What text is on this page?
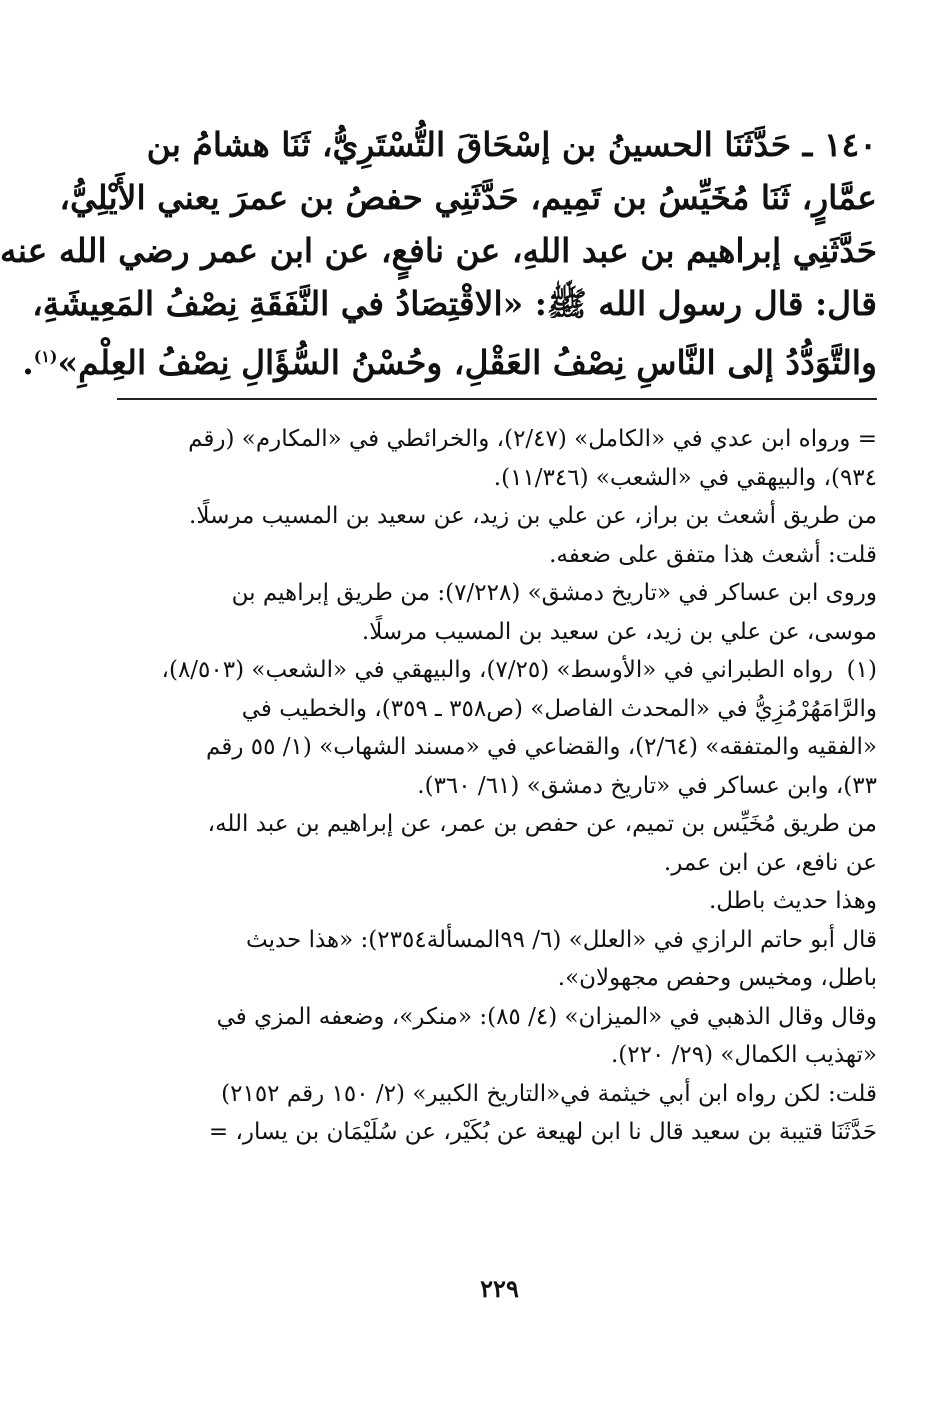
١٤٠ ـ حَدَّثَنَا الحسينُ بن إسْحَاقَ التُّسْتَرِيُّ، ثَنَا هشامُ بن
عمَّارٍ، ثَنَا مُخَيِّسُ بن تَمِيم، حَدَّثَنِي حفصُ بن عمرَ يعني الأَيْلِيُّ،
حَدَّثَنِي إبراهيم بن عبد اللهِ، عن نافعٍ، عن ابن عمر رضي الله عنه
قال: قال رسول الله ﷺ: «الاقْتِصَادُ في النَّفَقَةِ نِصْفُ المَعِيشَةِ،
والتَّوَدُّدُ إلى النَّاسِ نِصْفُ العَقْلِ، وحُسْنُ السُّؤَالِ نِصْفُ العِلْمِ»$^{(١)}$.
= ورواه ابن عدي في «الكامل» (٢/٤٧)، والخرائطي في «المكارم» (رقم
٩٣٤)، والبيهقي في «الشعب» (١١/٣٤٦).
من طريق أشعث بن براز، عن علي بن زيد، عن سعيد بن المسيب مرسلًا.
قلت: أشعث هذا متفق على ضعفه.
وروى ابن عساكر في «تاريخ دمشق» (٧/٢٢٨): من طريق إبراهيم بن
موسى، عن علي بن زيد، عن سعيد بن المسيب مرسلًا.
(١)رواه الطبراني في «الأوسط» (٧/٢٥)، والبيهقي في «الشعب» (٨/٥٠٣)،
والرَّامَهُرْمُزِيُّ في «المحدث الفاصل» (ص٣٥٨ ـ ٣٥٩)، والخطيب في
«الفقيه والمتفقه» (٢/٦٤)، والقضاعي في «مسند الشهاب» (١/ ٥٥ رقم
٣٣)، وابن عساكر في «تاريخ دمشق» (٦١/ ٣٦٠).
من طريق مُخَيِّس بن تميم، عن حفص بن عمر، عن إبراهيم بن عبد الله،
عن نافع، عن ابن عمر.
وهذا حديث باطل.
قال أبو حاتم الرازي في «العلل» (٦/ ٩٩المسألة٢٣٥٤): «هذا حديث
باطل، ومخيس وحفص مجهولان».
وقال وقال الذهبي في «الميزان» (٤/ ٨٥): «منكر»، وضعفه المزي في
«تهذيب الكمال» (٢٩/ ٢٢٠).
قلت: لكن رواه ابن أبي خيثمة في«التاريخ الكبير» (٢/ ١٥٠ رقم ٢١٥٢)
حَدَّثَنَا قتيبة بن سعيد قال نا ابن لهيعة عن بُكَيْر، عن سُلَيْمَان بن يسار، =
٢٢٩
